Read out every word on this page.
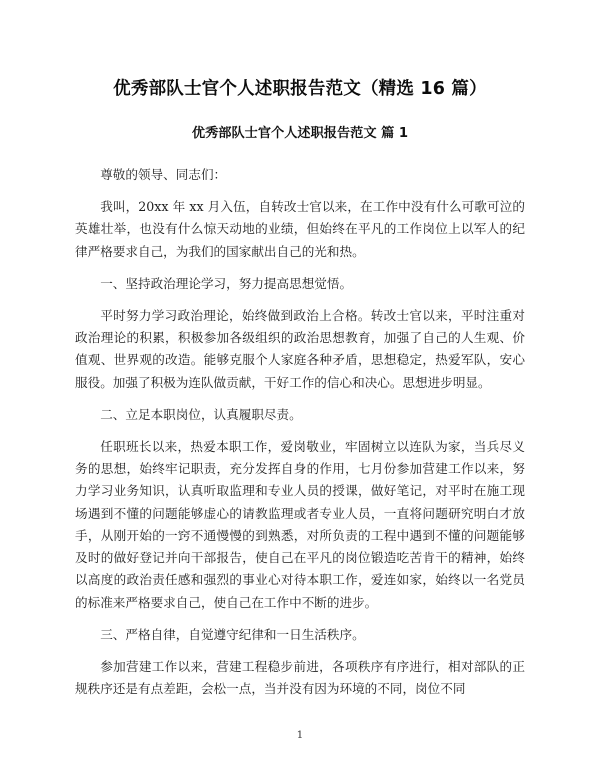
优秀部队士官个人述职报告范文（精选 16 篇）
优秀部队士官个人述职报告范文 篇 1

尊敬的领导、同志们：

我叫，20xx 年 xx 月入伍，自转改士官以来，在工作中没有什么可歌可泣的英雄壮举，也没有什么惊天动地的业绩，但始终在平凡的工作岗位上以军人的纪律严格要求自己，为我们的国家献出自己的光和热。

一、坚持政治理论学习，努力提高思想觉悟。

平时努力学习政治理论，始终做到政治上合格。转改士官以来，平时注重对政治理论的积累，积极参加各级组织的政治思想教育，加强了自己的人生观、价值观、世界观的改造。能够克服个人家庭各种矛盾，思想稳定，热爱军队，安心服役。加强了积极为连队做贡献，干好工作的信心和决心。思想进步明显。

二、立足本职岗位，认真履职尽责。

任职班长以来，热爱本职工作，爱岗敬业，牢固树立以连队为家，当兵尽义务的思想，始终牢记职责，充分发挥自身的作用，七月份参加营建工作以来，努力学习业务知识，认真听取监理和专业人员的授课，做好笔记，对平时在施工现场遇到不懂的问题能够虚心的请教监理或者专业人员，一直将问题研究明白才放手，从刚开始的一窍不通慢慢的到熟悉，对所负责的工程中遇到不懂的问题能够及时的做好登记并向干部报告，使自己在平凡的岗位锻造吃苦肯干的精神，始终以高度的政治责任感和强烈的事业心对待本职工作，爱连如家，始终以一名党员的标准来严格要求自己，使自己在工作中不断的进步。

三、严格自律，自觉遵守纪律和一日生活秩序。

参加营建工作以来，营建工程稳步前进，各项秩序有序进行，相对部队的正规秩序还是有点差距，会松一点，当并没有因为环境的不同，岗位不同

1
